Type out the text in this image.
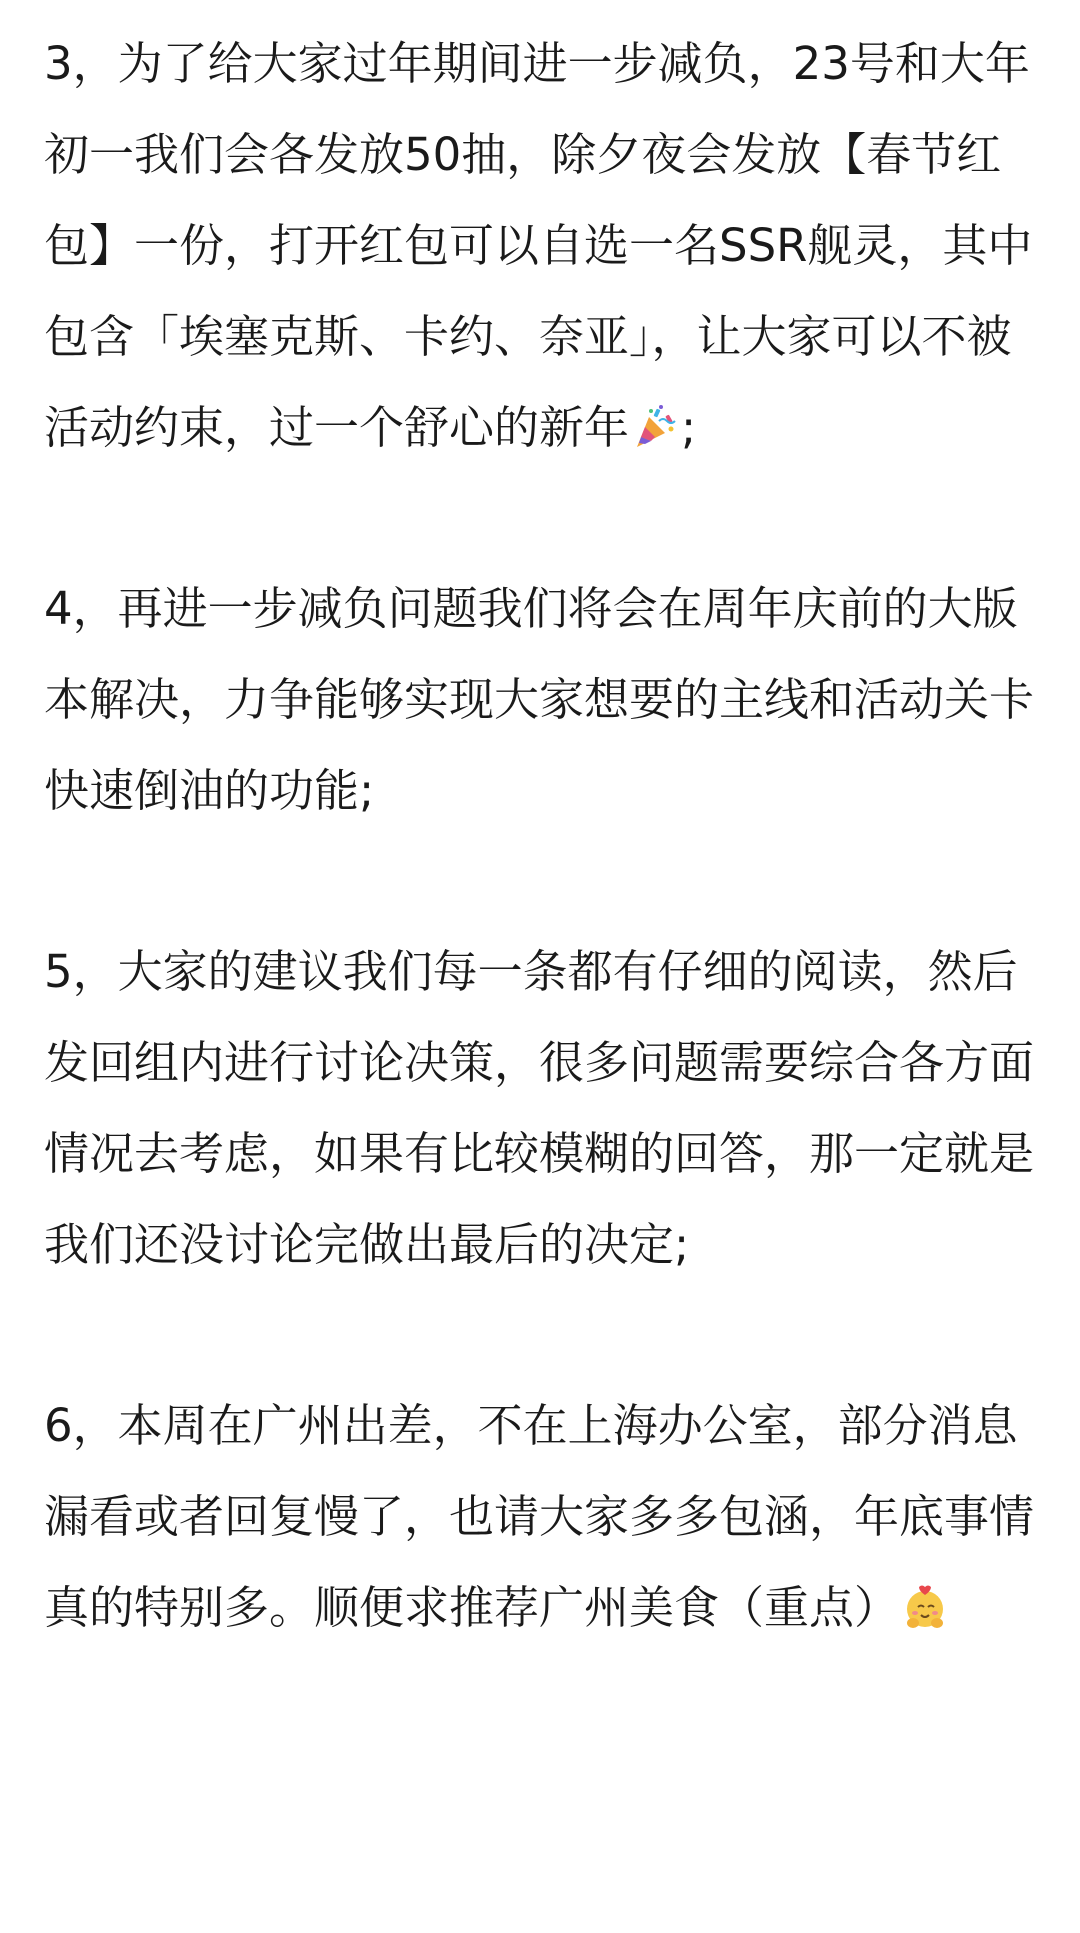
3，为了给大家过年期间进一步减负，23号和大年初一我们会各发放50抽，除夕夜会发放【春节红包】一份，打开红包可以自选一名SSR舰灵，其中包含「埃塞克斯、卡约、奈亚」，让大家可以不被活动约束，过一个舒心的新年 ;

4，再进一步减负问题我们将会在周年庆前的大版本解决，力争能够实现大家想要的主线和活动关卡快速倒油的功能;

5，大家的建议我们每一条都有仔细的阅读，然后发回组内进行讨论决策，很多问题需要综合各方面情况去考虑，如果有比较模糊的回答，那一定就是我们还没讨论完做出最后的决定;

6，本周在广州出差，不在上海办公室，部分消息漏看或者回复慢了，也请大家多多包涵，年底事情真的特别多。顺便求推荐广州美食（重点）
